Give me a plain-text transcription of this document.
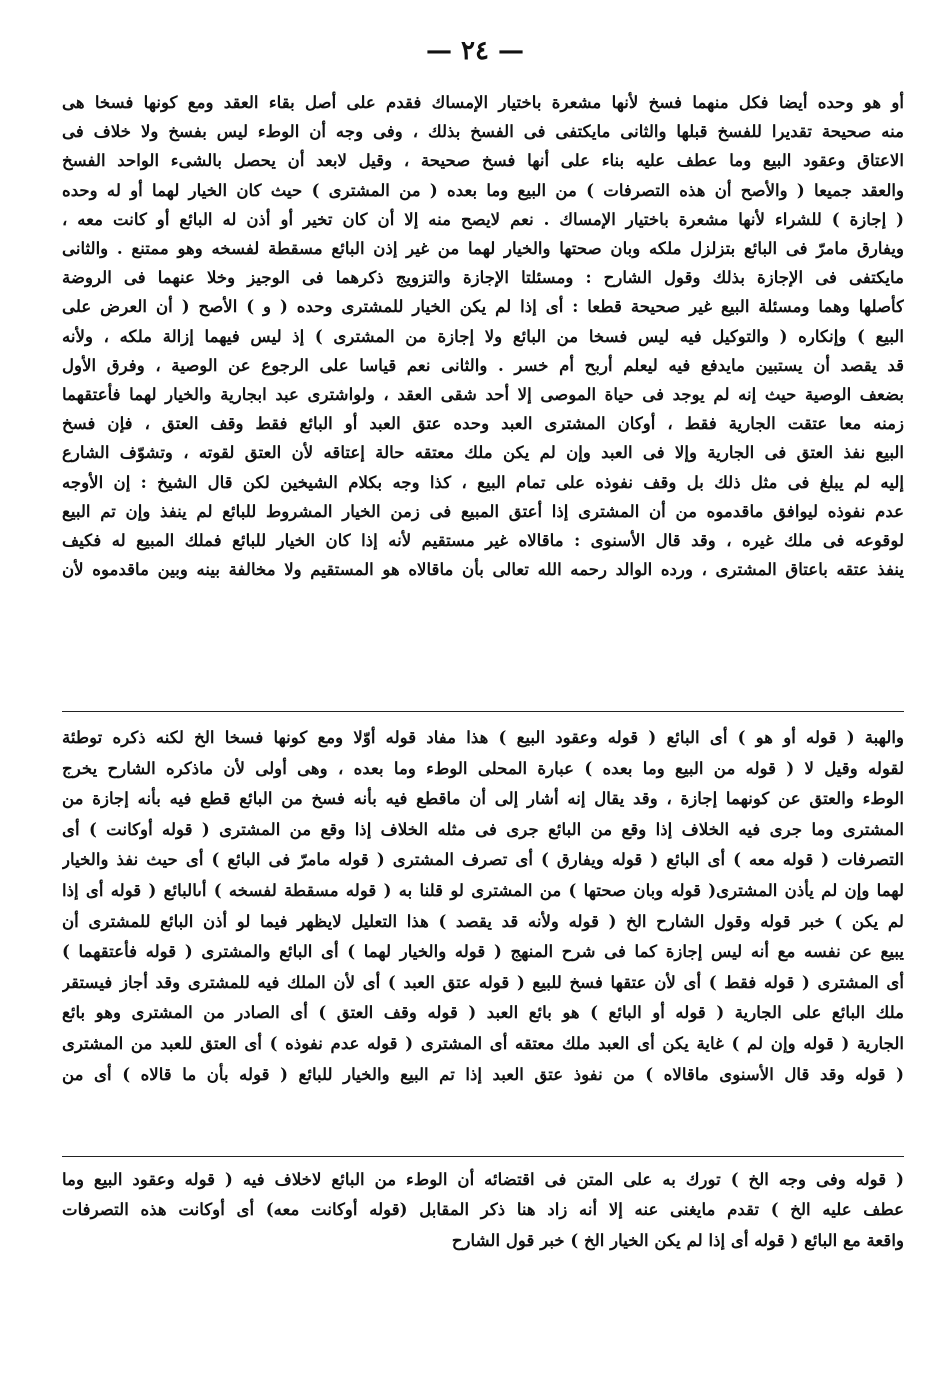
— ٢٤ —
أو هو وحده أيضا فكل منهما فسخ لأنها مشعرة باختيار الإمساك فقدم على أصل بقاء العقد ومع كونها فسخا هى
منه صحيحة تقديرا للفسخ قبلها والثانى مايكتفى فى الفسخ بذلك ، وفى وجه أن الوطء ليس بفسخ ولا خلاف فى
الاعتاق وعقود البيع وما عطف عليه بناء على أنها فسخ صحيحة ، وقيل لابعد أن يحصل بالشىء الواحد الفسخ
والعقد جميعا ( والأصح أن هذه التصرفات ) من البيع وما بعده ( من المشترى ) حيث كان الخيار لهما أو له وحده
( إجازة ) للشراء لأنها مشعرة باختيار الإمساك . نعم لايصح منه إلا أن كان تخير أو أذن له البائع أو كانت معه ،
ويفارق مامرّ فى البائع بتزلزل ملكه وبان صحتها والخيار لهما من غير إذن البائع مسقطة لفسخه وهو ممتنع . والثانى
مايكتفى فى الإجازة بذلك وقول الشارح : ومسئلتا الإجازة والتزويج ذكرهما فى الوجيز وخلا عنهما فى الروضة
كأصلها وهما ومسئلة البيع غير صحيحة قطعا : أى إذا لم يكن الخيار للمشترى وحده ( و ) الأصح ( أن العرض على
البيع ) وإنكاره ( والتوكيل فيه ليس فسخا من البائع ولا إجازة من المشترى ) إذ ليس فيهما إزالة ملكه ، ولأنه
قد يقصد أن يستبين مايدفع فيه ليعلم أربح أم خسر . والثانى نعم قياسا على الرجوع عن الوصية ، وفرق الأول
بضعف الوصية حيث إنه لم يوجد فى حياة الموصى إلا أحد شقى العقد ، ولواشترى عبد ابجارية والخيار لهما فأعتقهما
زمنه معا عتقت الجارية فقط ، أوكان المشترى العبد وحده عتق العبد أو البائع فقط وقف العتق ، فإن فسخ
البيع نفذ العتق فى الجارية وإلا فى العبد وإن لم يكن ملك معتقه حالة إعتاقه لأن العتق لقوته ، وتشوّف الشارع
إليه لم يبلغ فى مثل ذلك بل وقف نفوذه على تمام البيع ، كذا وجه بكلام الشيخين لكن قال الشيخ : إن الأوجه
عدم نفوذه ليوافق ماقدموه من أن المشترى إذا أعتق المبيع فى زمن الخيار المشروط للبائع لم ينفذ وإن تم البيع
لوقوعه فى ملك غيره ، وقد قال الأسنوى : ماقالاه غير مستقيم لأنه إذا كان الخيار للبائع فملك المبيع له فكيف
ينفذ عتقه باعتاق المشترى ، ورده الوالد رحمه الله تعالى بأن ماقالاه هو المستقيم ولا مخالفة بينه وبين ماقدموه لأن
والهبة ( قوله أو هو ) أى البائع ( قوله وعقود البيع ) هذا مفاد قوله أوّلا ومع كونها فسخا الخ لكنه ذكره توطئة
لقوله وقيل لا ( قوله من البيع وما بعده ) عبارة المحلى الوطء وما بعده ، وهى أولى لأن ماذكره الشارح يخرج
الوطء والعتق عن كونهما إجازة ، وقد يقال إنه أشار إلى أن ماقطع فيه بأنه فسخ من البائع قطع فيه بأنه إجازة من
المشترى وما جرى فيه الخلاف إذا وقع من البائع جرى فى مثله الخلاف إذا وقع من المشترى ( قوله أوكانت ) أى
التصرفات ( قوله معه ) أى البائع ( قوله ويفارق ) أى تصرف المشترى ( قوله مامرّ فى البائع ) أى حيث نفذ والخيار
لهما وإن لم يأذن المشترى( قوله وبان صحتها ) من المشترى لو قلنا به ( قوله مسقطة لفسخه ) أىالبائع ( قوله أى إذا
لم يكن ) خبر قوله وقول الشارح الخ ( قوله ولأنه قد يقصد ) هذا التعليل لايظهر فيما لو أذن البائع للمشترى أن
يبيع عن نفسه مع أنه ليس إجازة كما فى شرح المنهج ( قوله والخيار لهما ) أى البائع والمشترى ( قوله فأعتقهما )
أى المشترى ( قوله فقط ) أى لأن عتقها فسخ للبيع ( قوله عتق العبد ) أى لأن الملك فيه للمشترى وقد أجاز فيستقر
ملك البائع على الجارية ( قوله أو البائع ) هو بائع العبد ( قوله وقف العتق ) أى الصادر من المشترى وهو بائع
الجارية ( قوله وإن لم ) غاية يكن أى العبد ملك معتقه أى المشترى ( قوله عدم نفوذه ) أى العتق للعبد من المشترى
( قوله وقد قال الأسنوى ماقالاه ) من نفوذ عتق العبد إذا تم البيع والخيار للبائع ( قوله بأن ما قالاه ) أى من
( قوله وفى وجه الخ ) تورك به على المتن فى اقتضائه أن الوطء من البائع لاخلاف فيه ( قوله وعقود البيع وما
عطف عليه الخ ) تقدم مايغنى عنه إلا أنه زاد هنا ذكر المقابل (قوله أوكانت معه) أى أوكانت هذه التصرفات
واقعة مع البائع ( قوله أى إذا لم يكن الخيار الخ ) خبر قول الشارح
